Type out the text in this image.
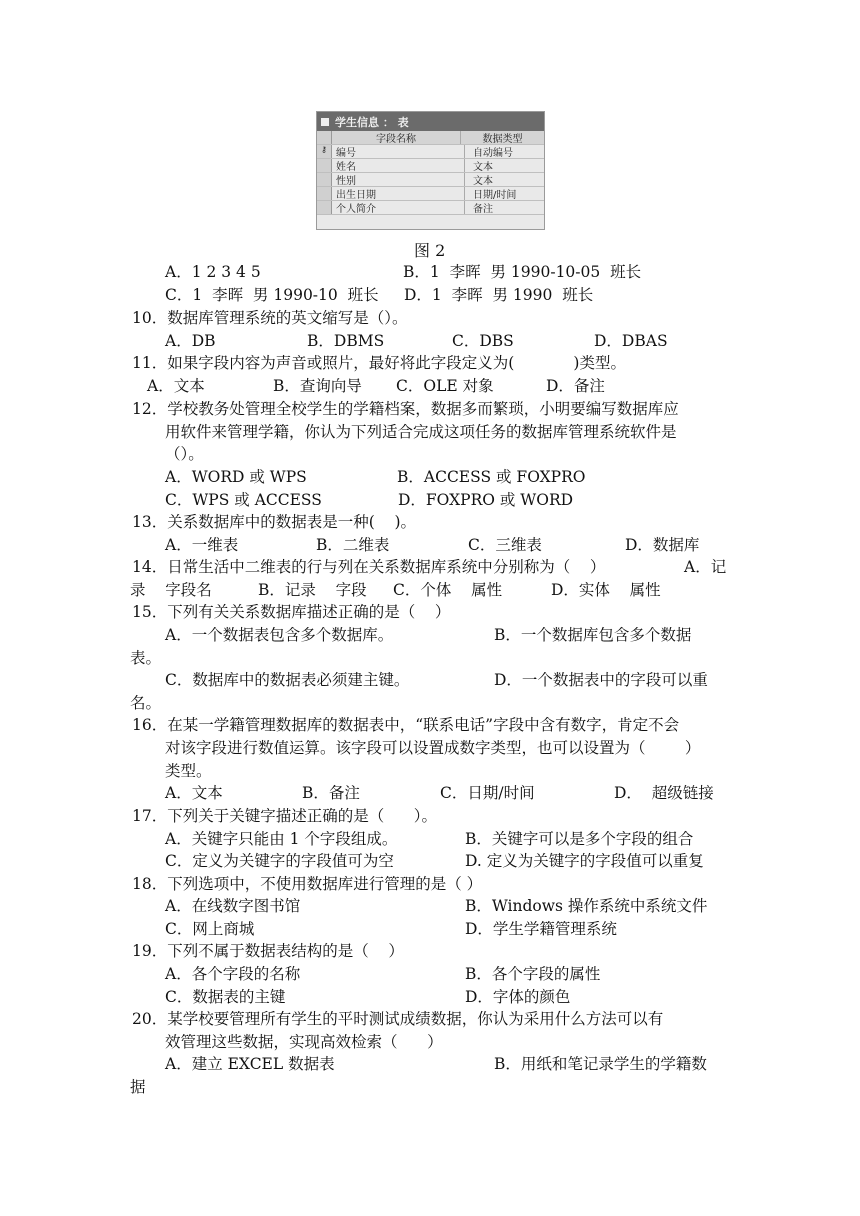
学生信息 ： 表
字段名称	数据类型
⚷ 编号	自动编号
姓名	文本
性别	文本
出生日期	日期/时间
个人简介	备注
图 2

A．1 2 3 4 5

	B．1  李晖  男 1990-10-05  班长

C．1  李晖  男 1990-10  班长

D．1  李晖  男 1990  班长

10．数据库管理系统的英文缩写是（）。

A．DB

	B．DBMS

	C．DBS

	D．DBAS

11．如果字段内容为声音或照片，最好将此字段定义为(            )类型。

A．文本

	B．查询向导

C．OLE 对象

	D．备注

12．学校教务处管理全校学生的学籍档案，数据多而繁琐，小明要编写数据库应

用软件来管理学籍，你认为下列适合完成这项任务的数据库管理系统软件是

（）。

A．WORD 或 WPS

	B．ACCESS 或 FOXPRO

C．WPS 或 ACCESS

	D．FOXPRO 或 WORD

13．关系数据库中的数据表是一种(    )。

A．一维表

	B．二维表

	C．三维表

	D．数据库

14．日常生活中二维表的行与列在关系数据库系统中分别称为（    ）

	A．记

录    字段名

	B．记录    字段

C．个体    属性

	D．实体    属性

15．下列有关关系数据库描述正确的是（    ）

A．一个数据表包含多个数据库。

	B．一个数据库包含多个数据

表。

C．数据库中的数据表必须建主键。

	D．一个数据表中的字段可以重

名。

16．在某一学籍管理数据库的数据表中，“联系电话”字段中含有数字，肯定不会

对该字段进行数值运算。该字段可以设置成数字类型，也可以设置为（        ）

类型。

A．文本

	B．备注

	C．日期/时间

	D．  超级链接

17．下列关于关键字描述正确的是（      ）。

A．关键字只能由 1 个字段组成。

	B．关键字可以是多个字段的组合

C．定义为关键字的字段值可为空

	D. 定义为关键字的字段值可以重复

18．下列选项中，不使用数据库进行管理的是（ ）

A．在线数字图书馆

	B．Windows 操作系统中系统文件

C．网上商城

	D．学生学籍管理系统

19．下列不属于数据表结构的是（    ）

A．各个字段的名称

	B．各个字段的属性

C．数据表的主键

	D．字体的颜色

20．某学校要管理所有学生的平时测试成绩数据，你认为采用什么方法可以有

效管理这些数据，实现高效检索（      ）

A．建立 EXCEL 数据表

	B．用纸和笔记录学生的学籍数

据
